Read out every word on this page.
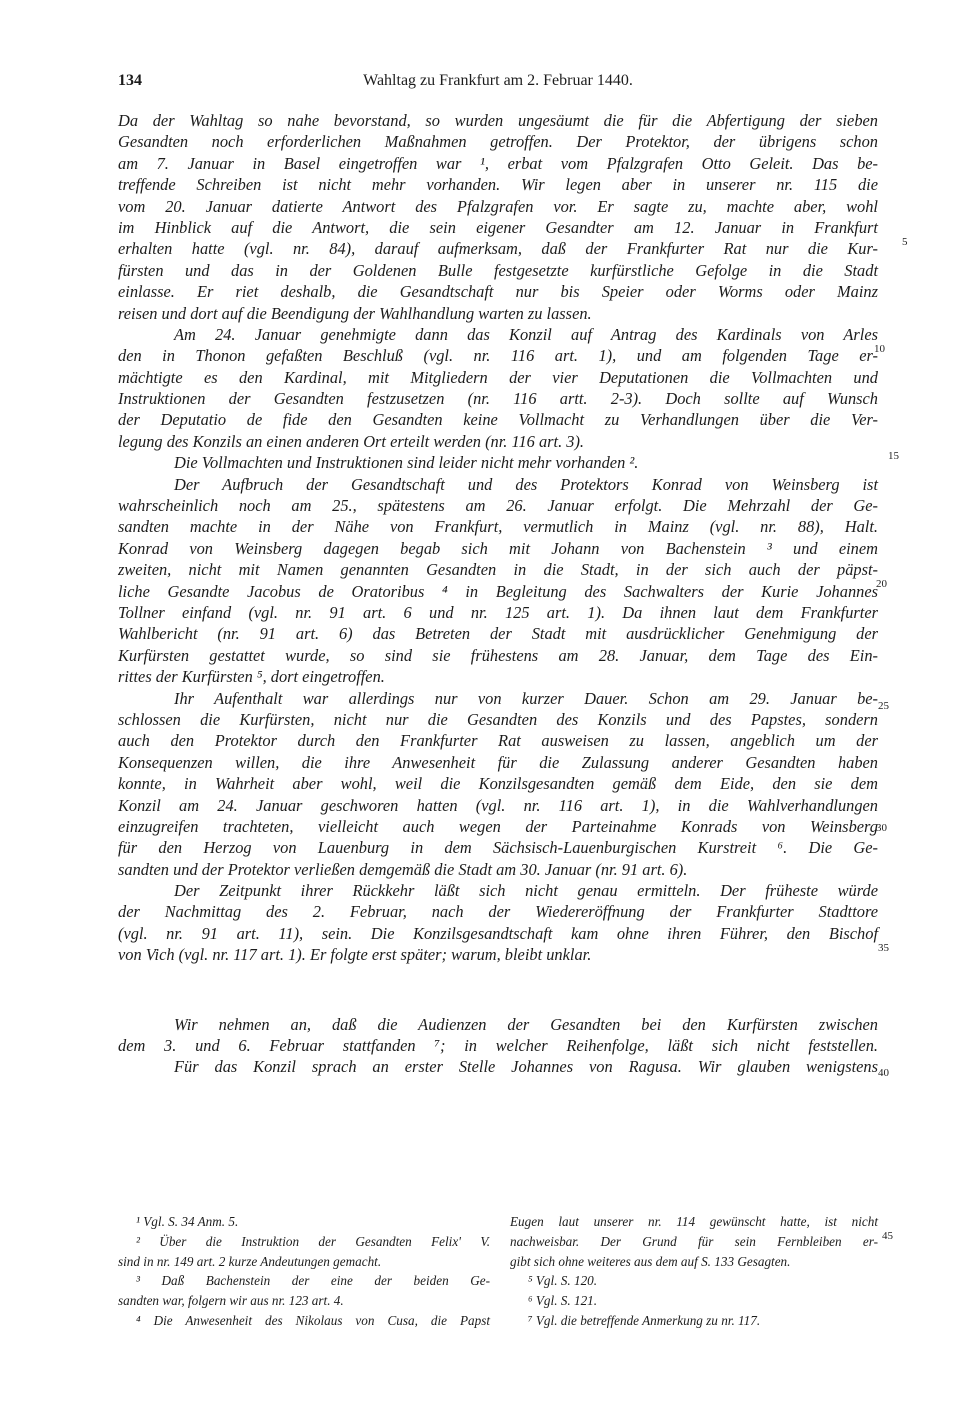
134	Wahltag zu Frankfurt am 2. Februar 1440.
Da der Wahltag so nahe bevorstand, so wurden ungesäumt die für die Abfertigung der sieben
Gesandten noch erforderlichen Maßnahmen getroffen. Der Protektor, der übrigens schon
am 7. Januar in Basel eingetroffen war ¹, erbat vom Pfalzgrafen Otto Geleit. Das be-
treffende Schreiben ist nicht mehr vorhanden. Wir legen aber in unserer nr. 115 die
vom 20. Januar datierte Antwort des Pfalzgrafen vor. Er sagte zu, machte aber, wohl
im Hinblick auf die Antwort, die sein eigener Gesandter am 12. Januar in Frankfurt
erhalten hatte (vgl. nr. 84), darauf aufmerksam, daß der Frankfurter Rat nur die Kur-
fürsten und das in der Goldenen Bulle festgesetzte kurfürstliche Gefolge in die Stadt
einlasse. Er riet deshalb, die Gesandtschaft nur bis Speier oder Worms oder Mainz
reisen und dort auf die Beendigung der Wahlhandlung warten zu lassen.
Am 24. Januar genehmigte dann das Konzil auf Antrag des Kardinals von Arles
den in Thonon gefaßten Beschluß (vgl. nr. 116 art. 1), und am folgenden Tage er-
mächtigte es den Kardinal, mit Mitgliedern der vier Deputationen die Vollmachten und
Instruktionen der Gesandten festzusetzen (nr. 116 artt. 2-3). Doch sollte auf Wunsch
der Deputatio de fide den Gesandten keine Vollmacht zu Verhandlungen über die Ver-
legung des Konzils an einen anderen Ort erteilt werden (nr. 116 art. 3).
Die Vollmachten und Instruktionen sind leider nicht mehr vorhanden ².
Der Aufbruch der Gesandtschaft und des Protektors Konrad von Weinsberg ist
wahrscheinlich noch am 25., spätestens am 26. Januar erfolgt. Die Mehrzahl der Ge-
sandten machte in der Nähe von Frankfurt, vermutlich in Mainz (vgl. nr. 88), Halt.
Konrad von Weinsberg dagegen begab sich mit Johann von Bachenstein ³ und einem
zweiten, nicht mit Namen genannten Gesandten in die Stadt, in der sich auch der päpst-
liche Gesandte Jacobus de Oratoribus ⁴ in Begleitung des Sachwalters der Kurie Johannes
Tollner einfand (vgl. nr. 91 art. 6 und nr. 125 art. 1). Da ihnen laut dem Frankfurter
Wahlbericht (nr. 91 art. 6) das Betreten der Stadt mit ausdrücklicher Genehmigung der
Kurfürsten gestattet wurde, so sind sie frühestens am 28. Januar, dem Tage des Ein-
rittes der Kurfürsten ⁵, dort eingetroffen.
Ihr Aufenthalt war allerdings nur von kurzer Dauer. Schon am 29. Januar be-
schlossen die Kurfürsten, nicht nur die Gesandten des Konzils und des Papstes, sondern
auch den Protektor durch den Frankfurter Rat ausweisen zu lassen, angeblich um der
Konsequenzen willen, die ihre Anwesenheit für die Zulassung anderer Gesandten haben
konnte, in Wahrheit aber wohl, weil die Konzilsgesandten gemäß dem Eide, den sie dem
Konzil am 24. Januar geschworen hatten (vgl. nr. 116 art. 1), in die Wahlverhandlungen
einzugreifen trachteten, vielleicht auch wegen der Parteinahme Konrads von Weinsberg
für den Herzog von Lauenburg in dem Sächsisch-Lauenburgischen Kurstreit ⁶. Die Ge-
sandten und der Protektor verließen demgemäß die Stadt am 30. Januar (nr. 91 art. 6).
Der Zeitpunkt ihrer Rückkehr läßt sich nicht genau ermitteln. Der früheste würde
der Nachmittag des 2. Februar, nach der Wiedereröffnung der Frankfurter Stadttore
(vgl. nr. 91 art. 11), sein. Die Konzilsgesandtschaft kam ohne ihren Führer, den Bischof
von Vich (vgl. nr. 117 art. 1). Er folgte erst später; warum, bleibt unklar.
Wir nehmen an, daß die Audienzen der Gesandten bei den Kurfürsten zwischen
dem 3. und 6. Februar stattfanden ⁷; in welcher Reihenfolge, läßt sich nicht feststellen.
Für das Konzil sprach an erster Stelle Johannes von Ragusa. Wir glauben wenigstens
5
10
15
20
25
30
35
40
45
¹ Vgl. S. 34 Anm. 5.
² Über die Instruktion der Gesandten Felix' V.
sind in nr. 149 art. 2 kurze Andeutungen gemacht.
³ Daß Bachenstein der eine der beiden Ge-
sandten war, folgern wir aus nr. 123 art. 4.
⁴ Die Anwesenheit des Nikolaus von Cusa, die Papst
Eugen laut unserer nr. 114 gewünscht hatte, ist nicht
nachweisbar. Der Grund für sein Fernbleiben er-
gibt sich ohne weiteres aus dem auf S. 133 Gesagten.
⁵ Vgl. S. 120.
⁶ Vgl. S. 121.
⁷ Vgl. die betreffende Anmerkung zu nr. 117.
